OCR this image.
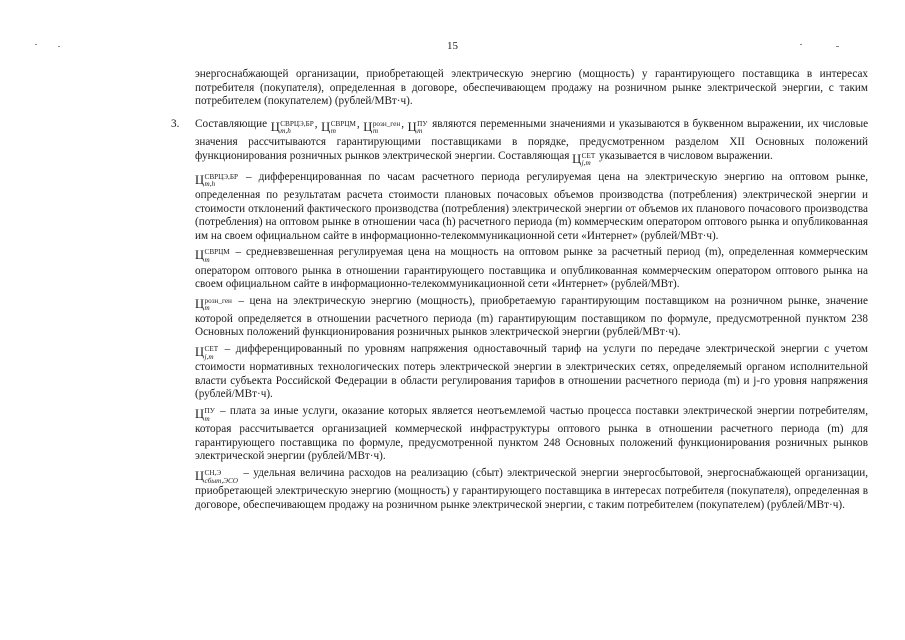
15

энергоснабжающей организации, приобретающей электрическую энергию (мощность) у гарантирующего поставщика в интересах потребителя (покупателя), определенная в договоре, обеспечивающем продажу на розничном рынке электрической энергии, с таким потребителем (покупателем) (рублей/МВт·ч).

3. Составляющие Ц СВРЦЭ,БР
m,h
, Ц СВРЦМ
m
, Ц розн_ген
m
, Ц ПУ
m
являются переменными значениями и указываются в буквенном выражении, их числовые значения рассчитываются гарантирующими поставщиками в порядке, предусмотренном разделом XII Основных положений функционирования розничных рынков электрической энергии. Составляющая Ц СЕТ
j,m
указывается в числовом выражении.
Ц СВРЦЭ,БР
m,h
– дифференцированная по часам расчетного периода регулируемая цена на электрическую энергию на оптовом рынке, определенная по результатам расчета стоимости плановых почасовых объемов производства (потребления) электрической энергии и стоимости отклонений фактического производства (потребления) электрической энергии от объемов их планового почасового производства (потребления) на оптовом рынке в отношении часа (h) расчетного периода (m) коммерческим оператором оптового рынка и опубликованная им на своем официальном сайте в информационно-телекоммуникационной сети «Интернет» (рублей/МВт·ч).
Ц СВРЦМ
m
– средневзвешенная регулируемая цена на мощность на оптовом рынке за расчетный период (m), определенная коммерческим оператором оптового рынка в отношении гарантирующего поставщика и опубликованная коммерческим оператором оптового рынка на своем официальном сайте в информационно-телекоммуникационной сети «Интернет» (рублей/МВт).
Ц розн_ген
m
– цена на электрическую энергию (мощность), приобретаемую гарантирующим поставщиком на розничном рынке, значение которой определяется в отношении расчетного периода (m) гарантирующим поставщиком по формуле, предусмотренной пунктом 238 Основных положений функционирования розничных рынков электрической энергии (рублей/МВт·ч).
Ц СЕТ
j,m
– дифференцированный по уровням напряжения одноставочный тариф на услуги по передаче электрической энергии с учетом стоимости нормативных технологических потерь электрической энергии в электрических сетях, определяемый органом исполнительной власти субъекта Российской Федерации в области регулирования тарифов в отношении расчетного периода (m) и j-го уровня напряжения (рублей/МВт·ч).
Ц ПУ
m
– плата за иные услуги, оказание которых является неотъемлемой частью процесса поставки электрической энергии потребителям, которая рассчитывается организацией коммерческой инфраструктуры оптового рынка в отношении расчетного периода (m) для гарантирующего поставщика по формуле, предусмотренной пунктом 248 Основных положений функционирования розничных рынков электрической энергии (рублей/МВт·ч).
Ц СН,Э
сбыт,ЭСО
– удельная величина расходов на реализацию (сбыт) электрической энергии энергосбытовой, энергоснабжающей организации, приобретающей электрическую энергию (мощность) у гарантирующего поставщика в интересах потребителя (покупателя), определенная в договоре, обеспечивающем продажу на розничном рынке электрической энергии, с таким потребителем (покупателем) (рублей/МВт·ч).
